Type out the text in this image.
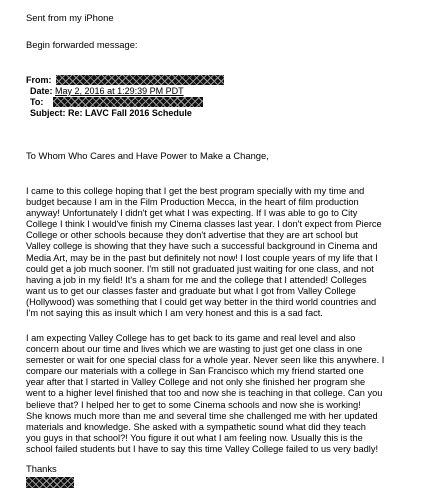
Sent from my iPhone
Begin forwarded message:
From:
Date: May 2, 2016 at 1:29:39 PM PDT
To:
Subject: Re: LAVC Fall 2016 Schedule
To Whom Who Cares and Have Power to Make a Change,
I came to this college hoping that I get the best program specially with my time and
budget because I am in the Film Production Mecca, in the heart of film production
anyway! Unfortunately I didn't get what I was expecting. If I was able to go to City
College I think I would've finish my Cinema classes last year. I don't expect from Pierce
College or other schools because they don't advertise that they are art school but
Valley college is showing that they have such a successful background in Cinema and
Media Art, may be in the past but definitely not now! I lost couple years of my life that I
could get a job much sooner. I'm still not graduated just waiting for one class, and not
having a job in my field! It's a sham for me and the college that I attended! Colleges
want us to get our classes faster and graduate but what I got from Valley College
(Hollywood) was something that I could get way better in the third world countries and
I'm not saying this as insult which I am very honest and this is a sad fact.
I am expecting Valley College has to get back to its game and real level and also
concern about our time and lives which we are wasting to just get one class in one
semester or wait for one special class for a whole year. Never seen like this anywhere. I
compare our materials with a college in San Francisco which my friend started one
year after that I started in Valley College and not only she finished her program she
went to a higher level finished that too and now she is teaching in that college. Can you
believe that? I helped her to get to some Cinema schools and now she is working!
She knows much more than me and several time she challenged me with her updated
materials and knowledge. She asked with a sympathetic sound what did they teach
you guys in that school?! You figure it out what I am feeling now. Usually this is the
school failed students but I have to say this time Valley College failed to us very badly!
Thanks
